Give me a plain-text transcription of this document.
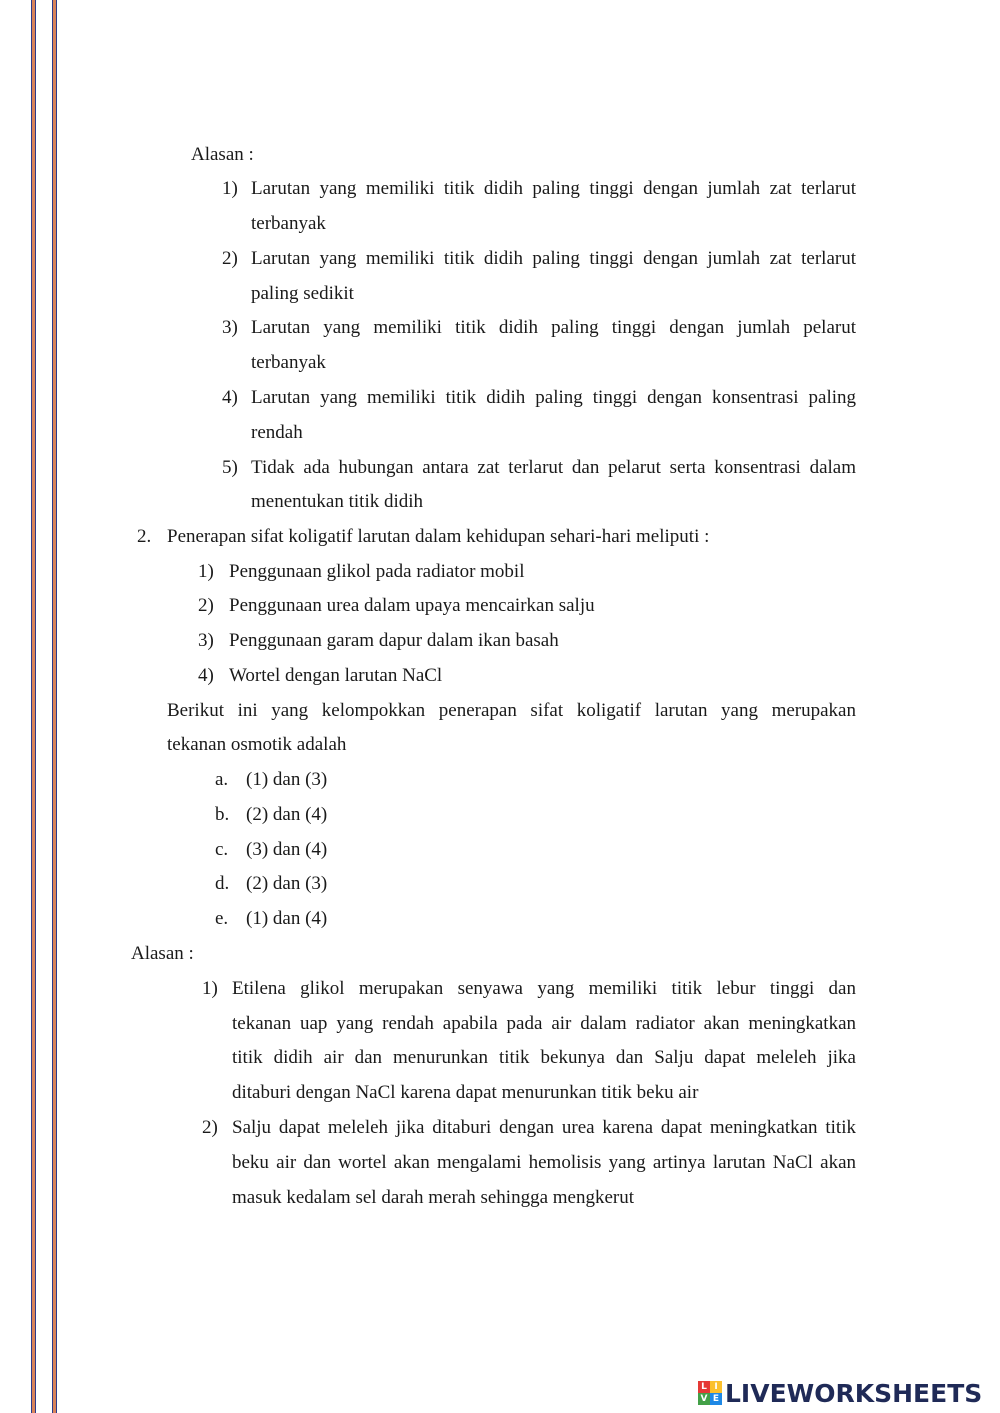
Alasan :
1) Larutan yang memiliki titik didih paling tinggi dengan jumlah zat terlarut
terbanyak
2) Larutan yang memiliki titik didih paling tinggi dengan jumlah zat terlarut
paling sedikit
3) Larutan yang memiliki titik didih paling tinggi dengan jumlah pelarut
terbanyak
4) Larutan yang memiliki titik didih paling tinggi dengan konsentrasi paling
rendah
5) Tidak ada hubungan antara zat terlarut dan pelarut serta konsentrasi dalam
menentukan titik didih
2. Penerapan sifat koligatif larutan dalam kehidupan sehari-hari meliputi :
1) Penggunaan glikol pada radiator mobil
2) Penggunaan urea dalam upaya mencairkan salju
3) Penggunaan garam dapur dalam ikan basah
4) Wortel dengan larutan NaCl
Berikut ini yang kelompokkan penerapan sifat koligatif larutan yang merupakan
tekanan osmotik adalah
a. (1) dan (3)
b. (2) dan (4)
c. (3) dan (4)
d. (2) dan (3)
e. (1) dan (4)
Alasan :
1) Etilena glikol merupakan senyawa yang memiliki titik lebur tinggi dan
tekanan uap yang rendah apabila pada air dalam radiator akan meningkatkan
titik didih air dan menurunkan titik bekunya dan Salju dapat meleleh jika
ditaburi dengan NaCl karena dapat menurunkan titik beku air
2) Salju dapat meleleh jika ditaburi dengan urea karena dapat meningkatkan titik
beku air dan wortel akan mengalami hemolisis yang artinya larutan NaCl akan
masuk kedalam sel darah merah sehingga mengkerut
L I
V E LIVEWORKSHEETS
